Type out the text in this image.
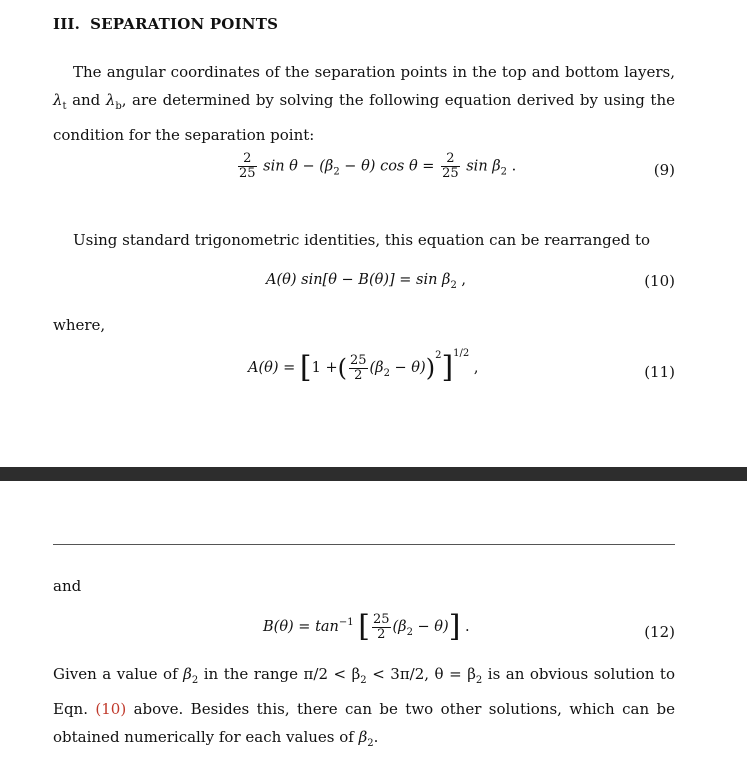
III. SEPARATION POINTS
The angular coordinates of the separation points in the top and bottom layers, $\lambda_t$ and $\lambda_b$, are determined by solving the following equation derived by using the condition for the separation point:
$\frac{2}{25}$ $\sin \theta - (\beta_2 - \theta)$ $\cos \theta = \frac{2}{25}$ $\sin \beta_2$ .	(9)
Using standard trigonometric identities, this equation can be rearranged to
A(θ) $\sin[\theta - B(\theta)] = \sin \beta_2$ ,	(10)
where,
A(θ) = [1 +( $\frac{25}{2} (\beta_2 - \theta))^2]^{1/2}$ ,	(11)
and
$B(\theta) = \tan^{-1}$ [ $\frac{25}{2} (\beta_2 - \theta)$] .	(12)
Given a value of $\beta_2$ in the range $\pi/2 < \beta_2 < 3\pi/2$, $\theta = \beta_2$ is an obvious solution to Eqn. (10) above. Besides this, there can be two other solutions, which can be obtained numerically for each values of $\beta_2$.
